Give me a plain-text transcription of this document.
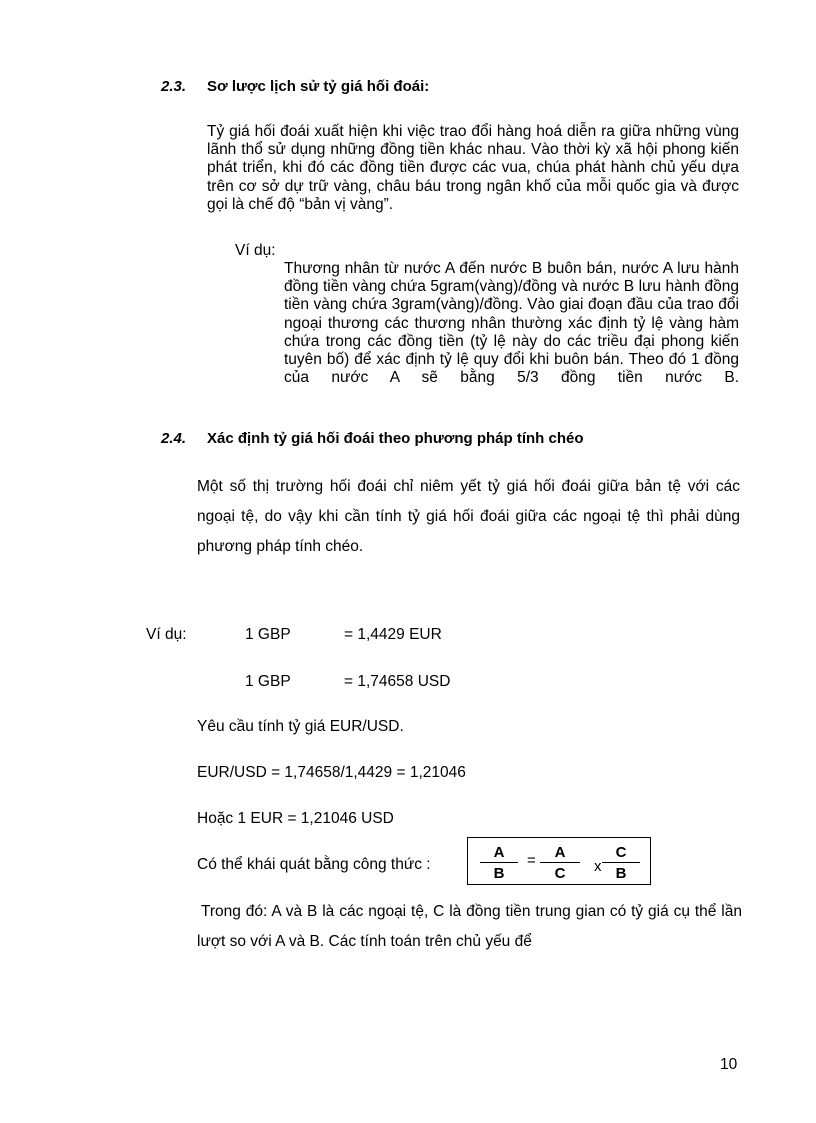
2.3. Sơ lược lịch sử tỷ giá hối đoái:

Tỷ giá hối đoái xuất hiện khi việc trao đổi hàng hoá diễn ra giữa những vùng lãnh thổ sử dụng những đồng tiền khác nhau. Vào thời kỳ xã hội phong kiến phát triển, khi đó các đồng tiền được các vua, chúa phát hành chủ yếu dựa trên cơ sở dự trữ vàng, châu báu trong ngân khố của mỗi quốc gia và được gọi là chế độ “bản vị vàng”.

Ví dụ:

Thương nhân từ nước A đến nước B buôn bán, nước A lưu hành đồng tiền vàng chứa 5gram(vàng)/đồng và nước B lưu hành đồng tiền vàng chứa 3gram(vàng)/đồng. Vào giai đoạn đầu của trao đổi ngoại thương các thương nhân thường xác định tỷ lệ vàng hàm chứa trong các đồng tiền (tỷ lệ này do các triều đại phong kiến tuyên bố) để xác định tỷ lệ quy đổi khi buôn bán. Theo đó 1 đồng của nước A sẽ bằng 5/3 đồng tiền nước B.

2.4. Xác định tỷ giá hối đoái theo phương pháp tính chéo

Một số thị trường hối đoái chỉ niêm yết tỷ giá hối đoái giữa bản tệ với các ngoại tệ, do vậy khi cần tính tỷ giá hối đoái giữa các ngoại tệ thì phải dùng phương pháp tính chéo.

Ví dụ:	1 GBP	= 1,4429 EUR
1 GBP	= 1,74658 USD
Yêu cầu tính tỷ giá EUR/USD.
EUR/USD = 1,74658/1,4429 = 1,21046
Hoặc 1 EUR = 1,21046 USD
Có thể khái quát bằng công thức :
A
B
=	A
C	x
C
B

Trong đó: A và B là các ngoại tệ, C là đồng tiền trung gian có tỷ giá cụ thể lần lượt so với A và B. Các tính toán trên chủ yếu để

10
